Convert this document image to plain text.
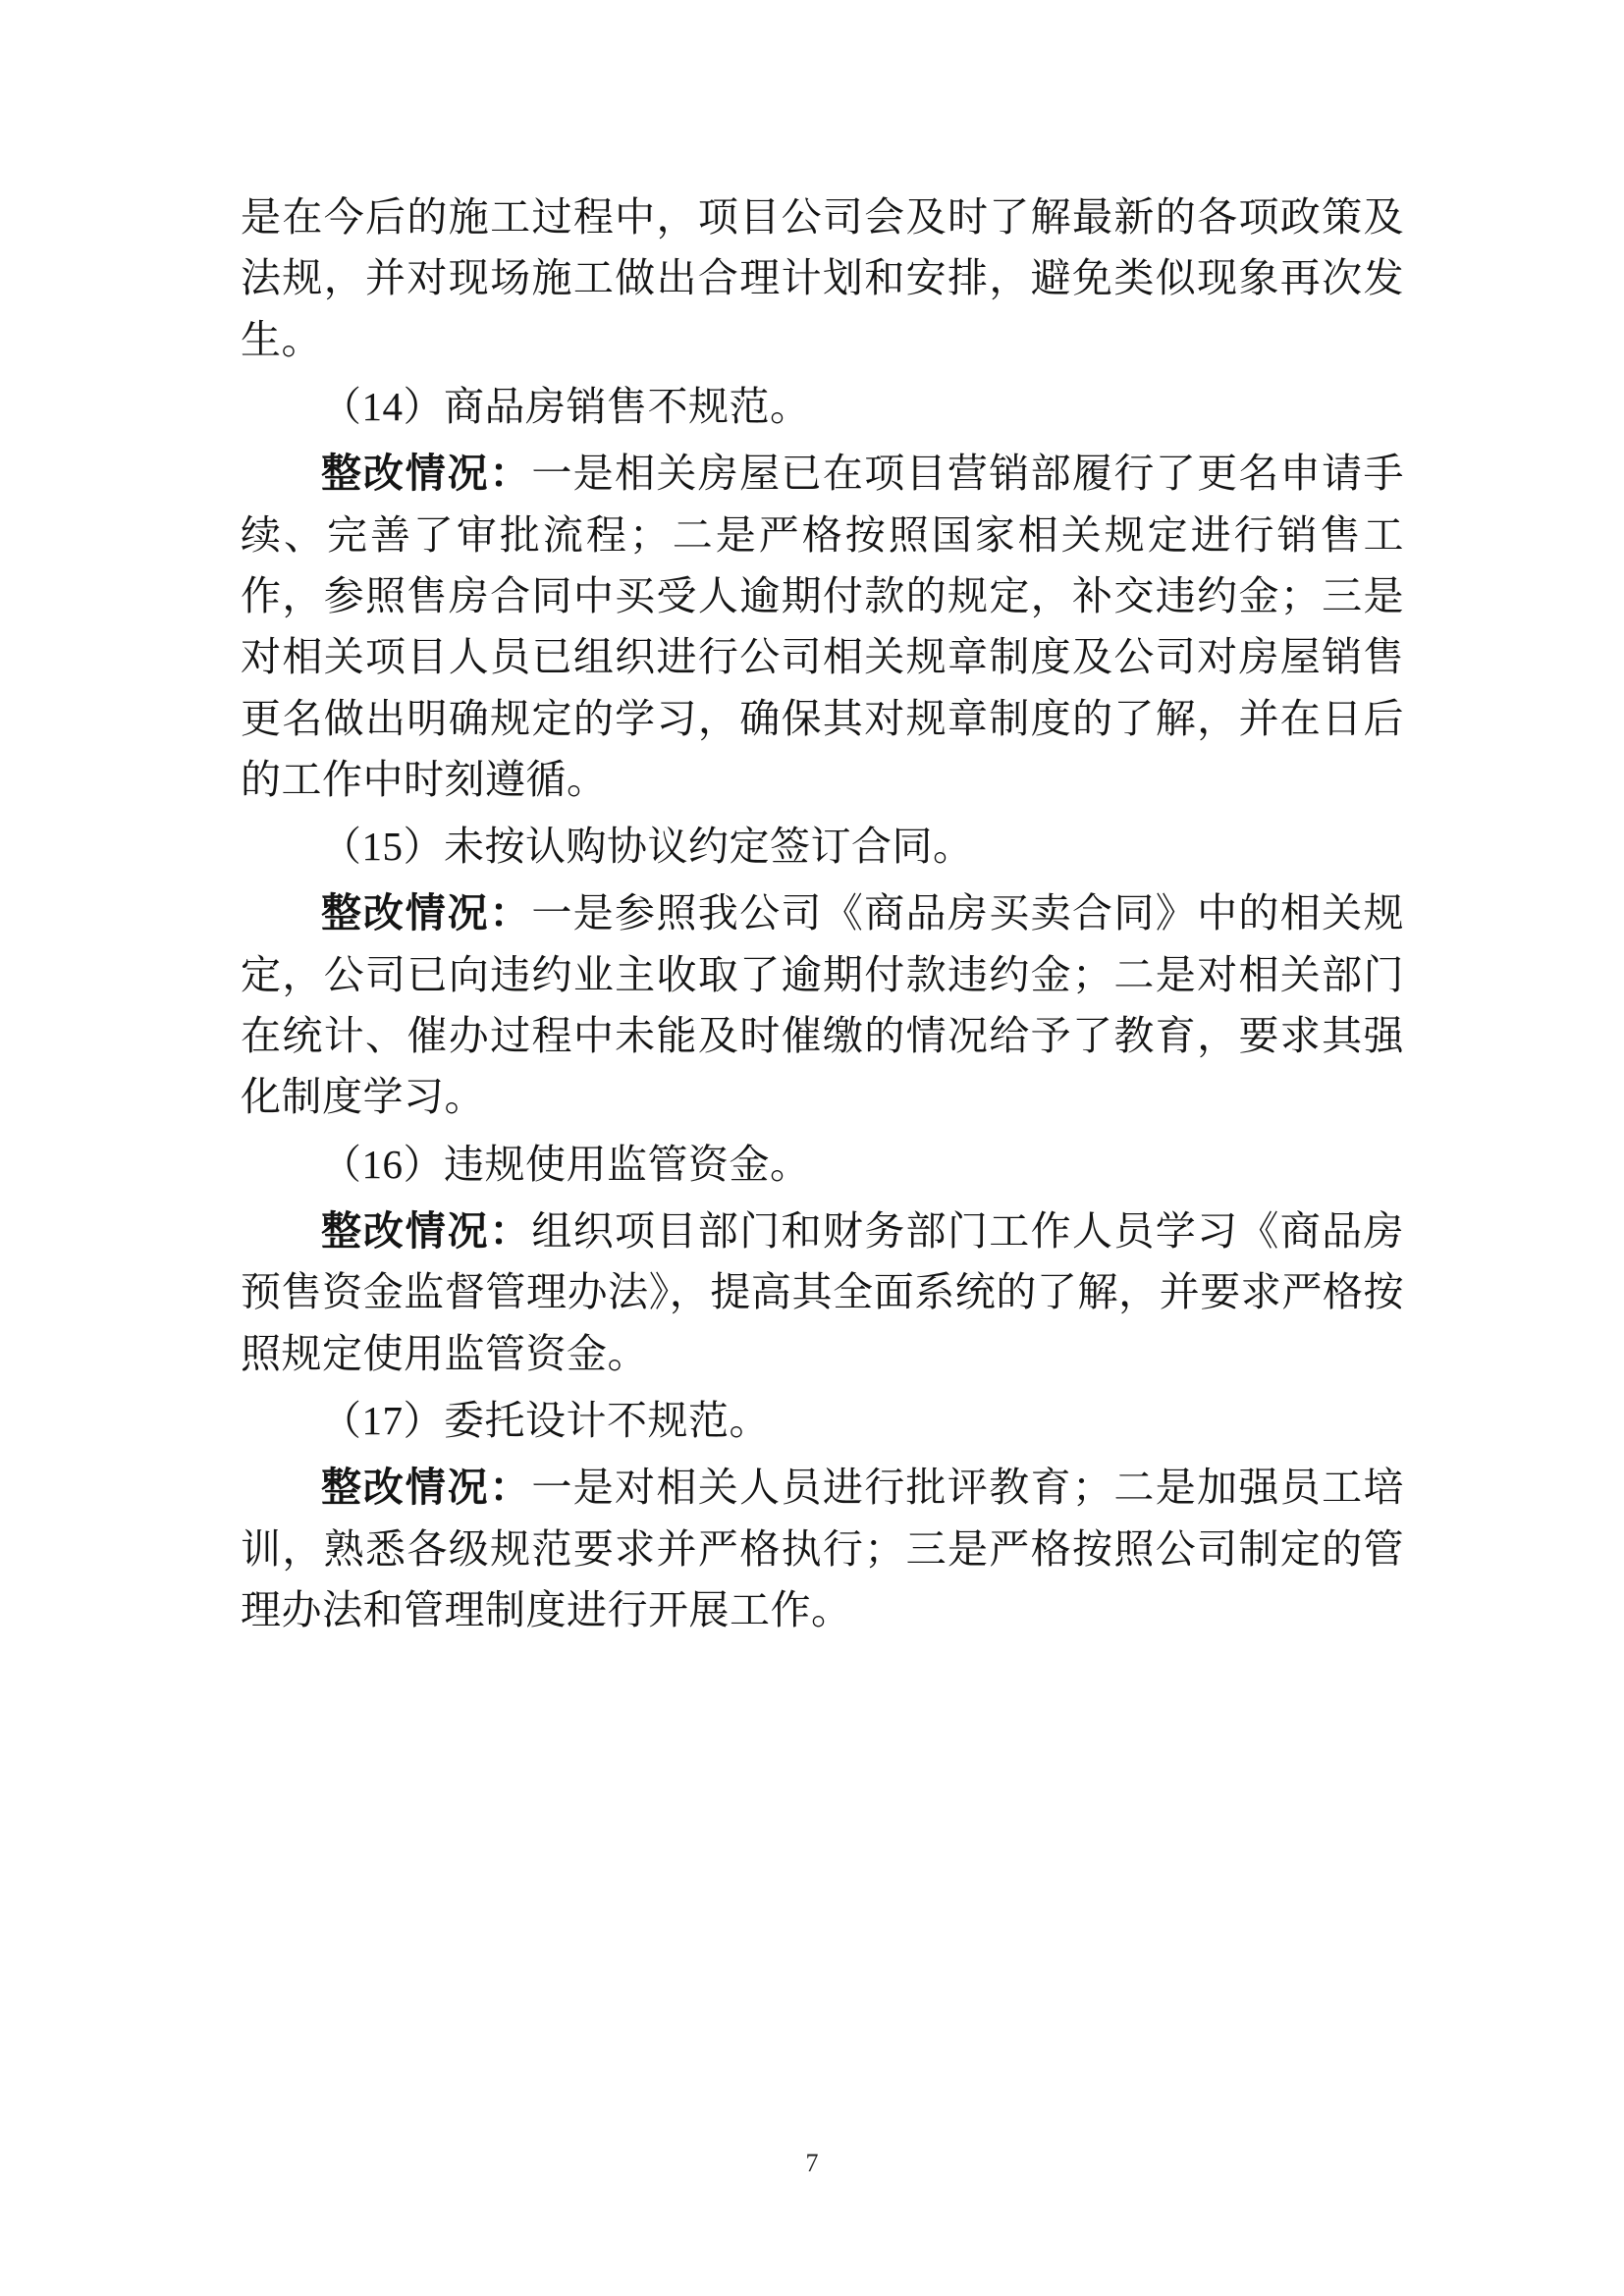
是在今后的施工过程中，项目公司会及时了解最新的各项政策及法规，并对现场施工做出合理计划和安排，避免类似现象再次发生。

（14）商品房销售不规范。

整改情况：一是相关房屋已在项目营销部履行了更名申请手续、完善了审批流程；二是严格按照国家相关规定进行销售工作，参照售房合同中买受人逾期付款的规定，补交违约金；三是对相关项目人员已组织进行公司相关规章制度及公司对房屋销售更名做出明确规定的学习，确保其对规章制度的了解，并在日后的工作中时刻遵循。

（15）未按认购协议约定签订合同。

整改情况：一是参照我公司《商品房买卖合同》中的相关规定，公司已向违约业主收取了逾期付款违约金；二是对相关部门在统计、催办过程中未能及时催缴的情况给予了教育，要求其强化制度学习。

（16）违规使用监管资金。

整改情况：组织项目部门和财务部门工作人员学习《商品房预售资金监督管理办法》，提高其全面系统的了解，并要求严格按照规定使用监管资金。

（17）委托设计不规范。

整改情况：一是对相关人员进行批评教育；二是加强员工培训，熟悉各级规范要求并严格执行；三是严格按照公司制定的管理办法和管理制度进行开展工作。

7
